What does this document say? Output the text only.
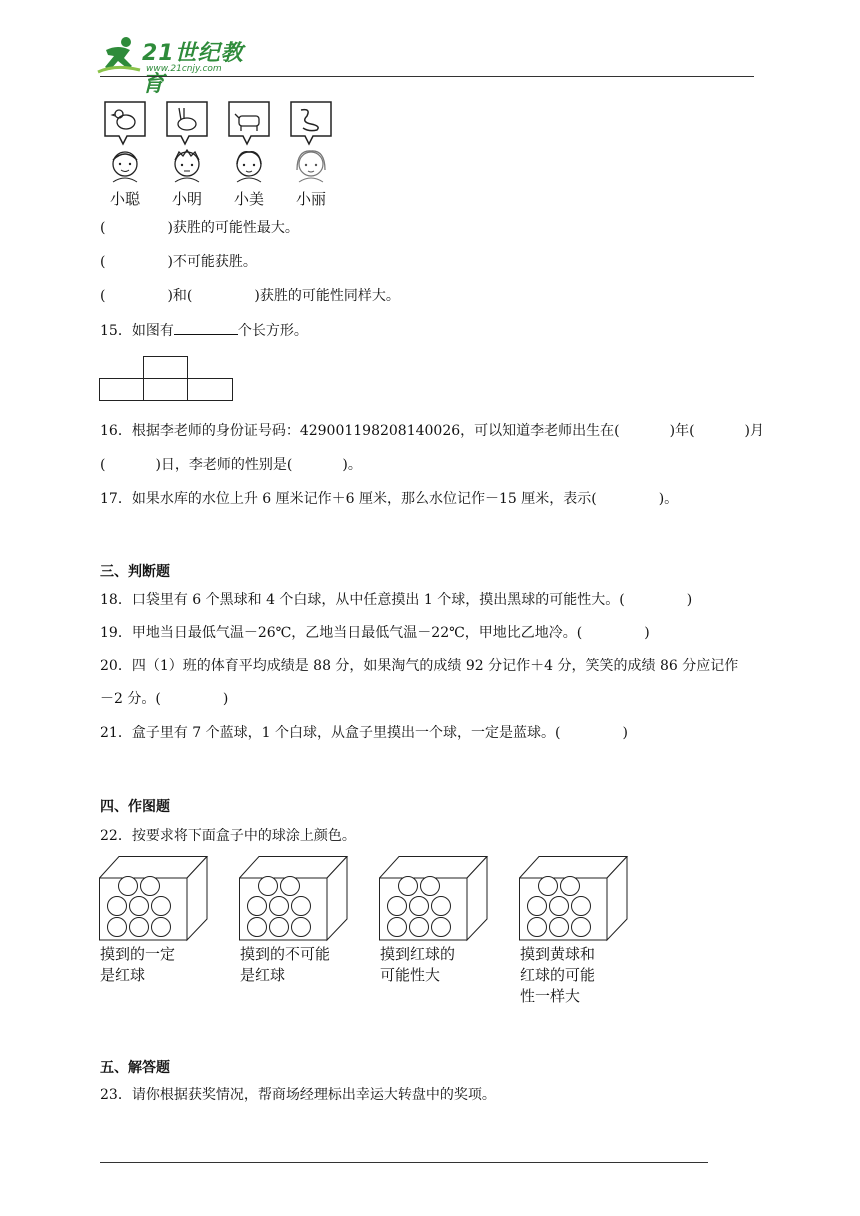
21世纪教育
www.21cnjy.com
小聪	小明	小美	小丽
(	)获胜的可能性最大。
(	)不可能获胜。
(	)和(	)获胜的可能性同样大。
15．如图有	个长方形。
16．根据李老师的身份证号码：429001198208140026，可以知道李老师出生在(	)年(	)月
(	)日，李老师的性别是(	)。
17．如果水库的水位上升 6 厘米记作＋6 厘米，那么水位记作－15 厘米，表示(	)。
三、判断题
18．口袋里有 6 个黑球和 4 个白球，从中任意摸出 1 个球，摸出黑球的可能性大。(	)
19．甲地当日最低气温－26℃，乙地当日最低气温－22℃，甲地比乙地冷。(	)
20．四（1）班的体育平均成绩是 88 分，如果淘气的成绩 92 分记作＋4 分，笑笑的成绩 86 分应记作
－2 分。(	)
21．盒子里有 7 个蓝球，1 个白球，从盒子里摸出一个球，一定是蓝球。(	)
四、作图题
22．按要求将下面盒子中的球涂上颜色。
摸到的一定
是红球
摸到的不可能
是红球
摸到红球的
可能性大
摸到黄球和
红球的可能
性一样大
五、解答题
23．请你根据获奖情况，帮商场经理标出幸运大转盘中的奖项。
